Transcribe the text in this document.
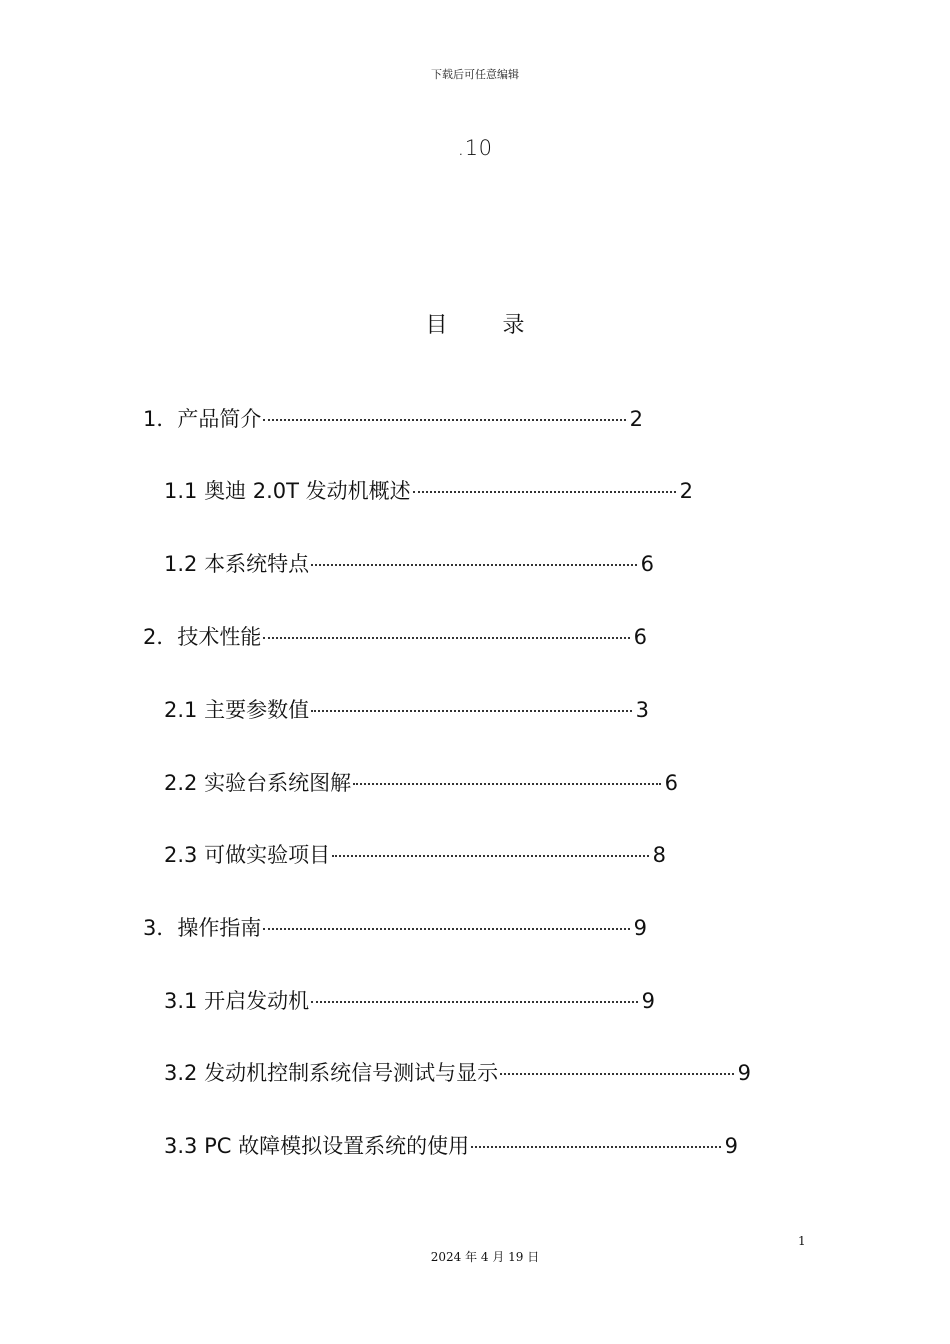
下载后可任意编辑
.10
目 录
1．产品简介	2
1.1 奥迪 2.0T 发动机概述	2
1.2 本系统特点	6
2．技术性能	6
2.1 主要参数值	3
2.2 实验台系统图解	6
2.3 可做实验项目	8
3．操作指南	9
3.1 开启发动机	9
3.2 发动机控制系统信号测试与显示	9
3.3 PC 故障模拟设置系统的使用	9
1
2024 年 4 月 19 日
